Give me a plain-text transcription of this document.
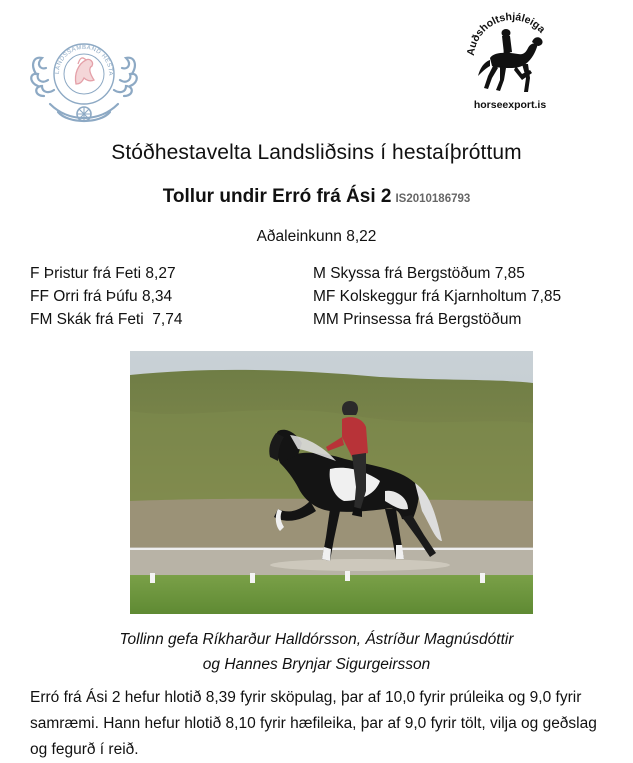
LANDSSAMBAND HESTA
Auðsholtshjáleiga
horseexport.is
Stóðhestavelta Landsliðsins í hestaíþróttum
Tollur undir Erró frá Ási 2 IS2010186793
Aðaleinkunn 8,22
F Þristur frá Feti 8,27
FF Orri frá Þúfu 8,34
FM Skák frá Feti  7,74
M Skyssa frá Bergstöðum 7,85
MF Kolskeggur frá Kjarnholtum 7,85
MM Prinsessa frá Bergstöðum
Tollinn gefa Ríkharður Halldórsson, Ástríður Magnúsdóttir
og Hannes Brynjar Sigurgeirsson
Erró frá Ási 2 hefur hlotið 8,39 fyrir sköpulag, þar af 10,0 fyrir prúleika og 9,0 fyrir samræmi. Hann hefur hlotið 8,10 fyrir hæfileika, þar af 9,0 fyrir tölt, vilja og geðslag og fegurð í reið.
